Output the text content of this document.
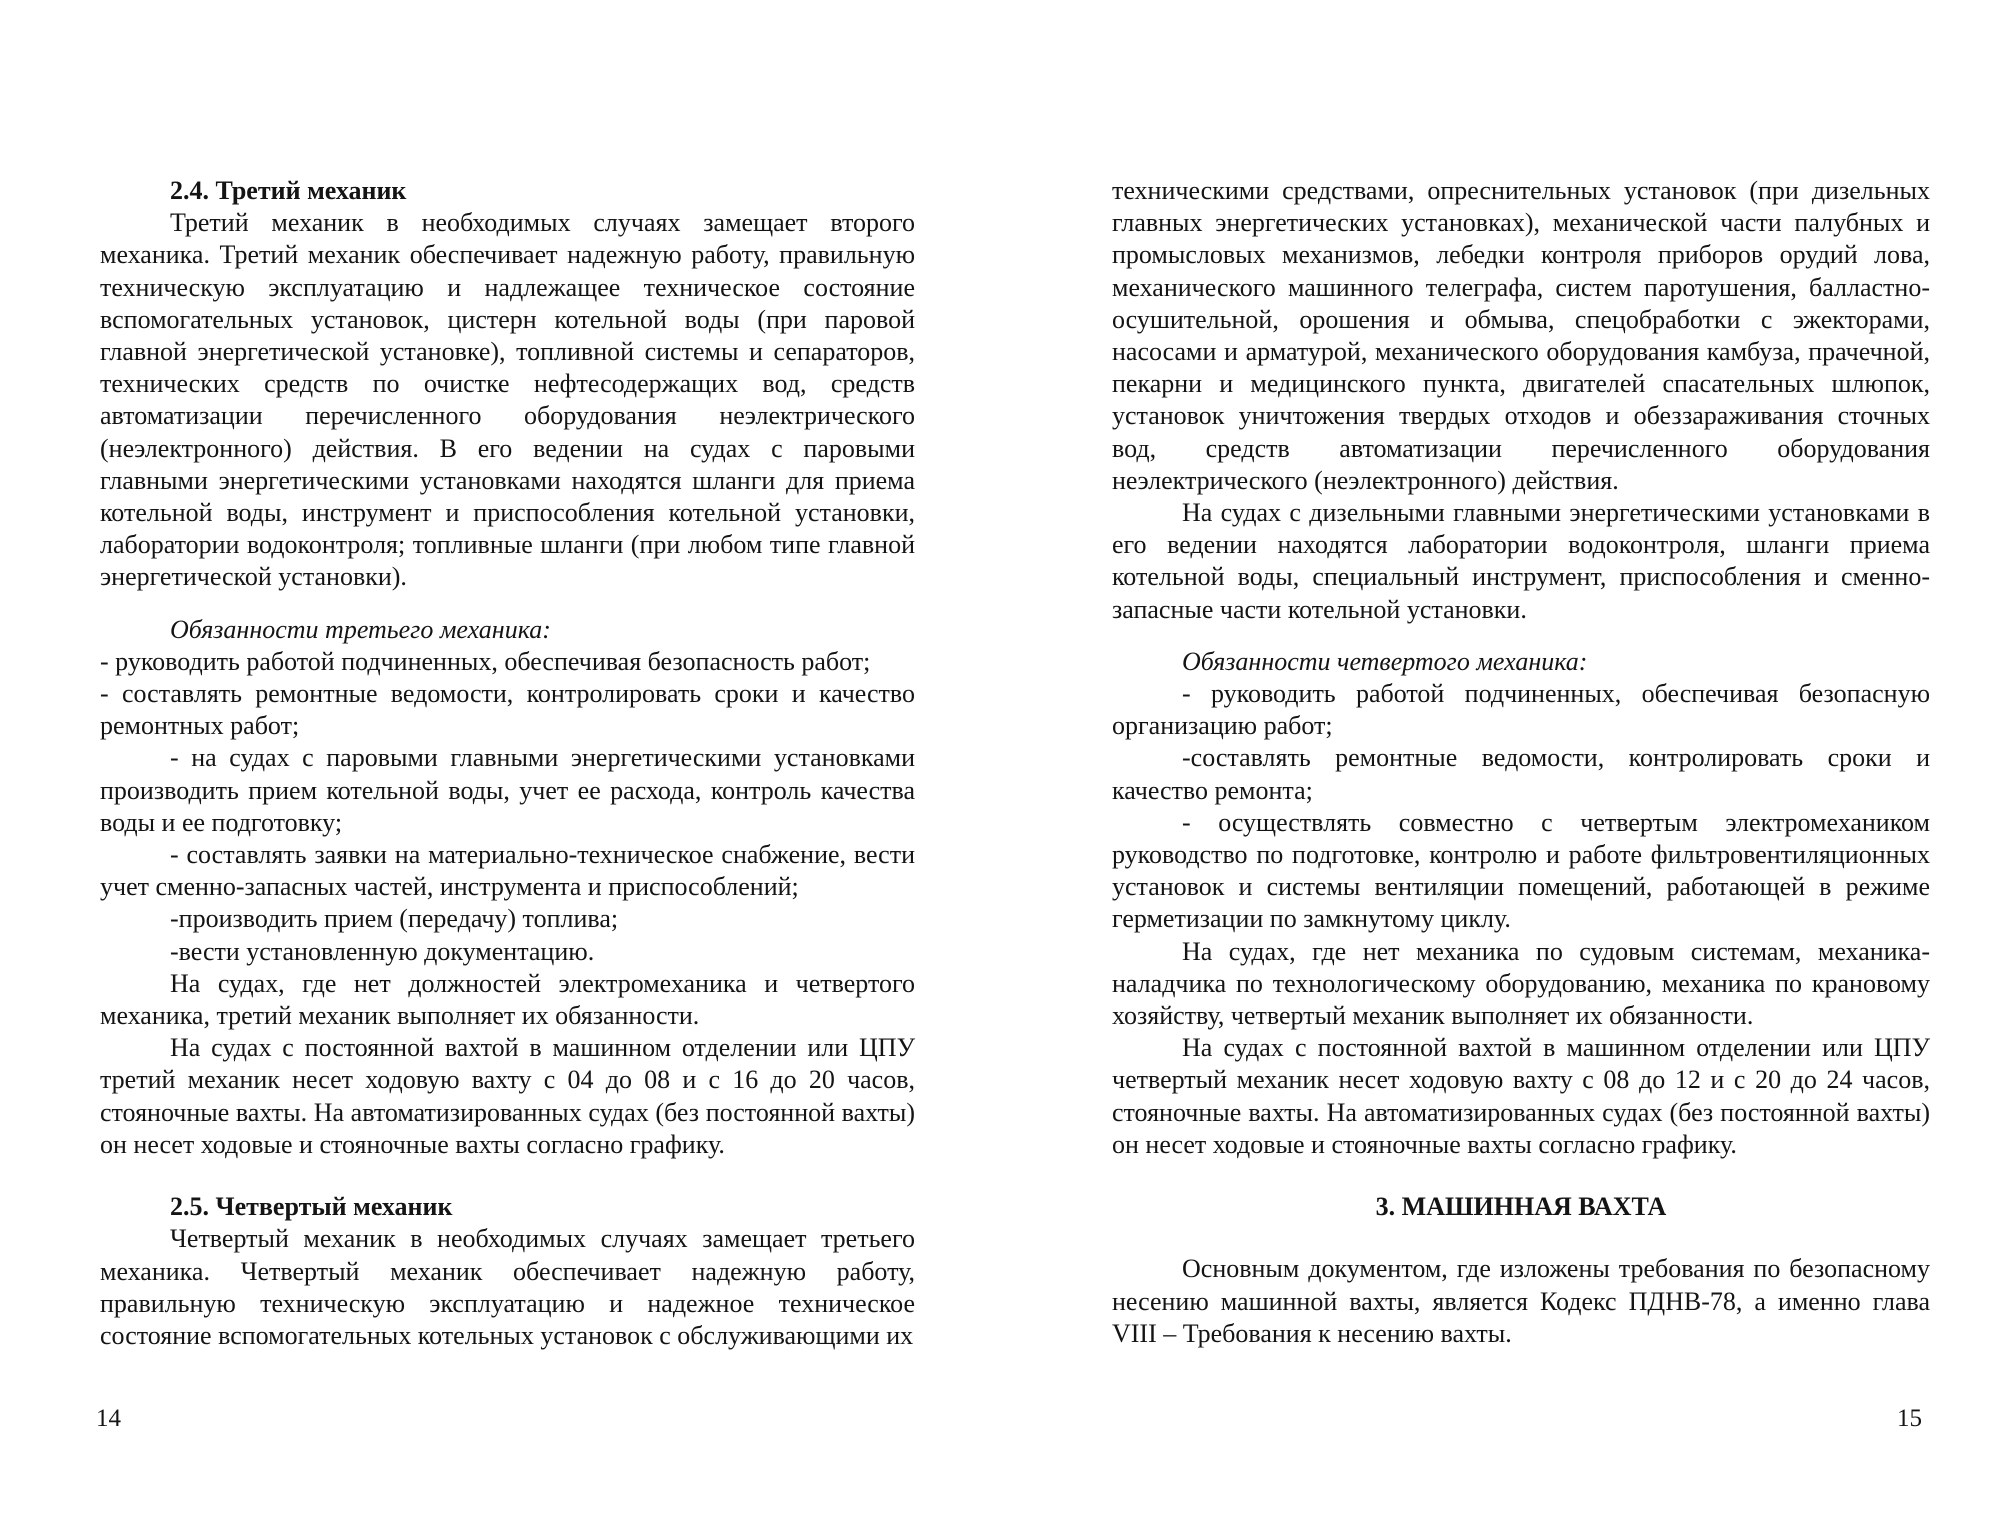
2.4. Третий механик

Третий механик в необходимых случаях замещает второго механика. Третий механик обеспечивает надежную работу, правильную техническую эксплуатацию и надлежащее техническое состояние вспомогательных установок, цистерн котельной воды (при паровой главной энергетической установке), топливной системы и сепараторов, технических средств по очистке нефтесодержащих вод, средств автоматизации перечисленного оборудования неэлектрического (неэлектронного) действия. В его ведении на судах с паровыми главными энергетическими установками находятся шланги для приема котельной воды, инструмент и приспособления котельной установки, лаборатории водоконтроля; топливные шланги (при любом типе главной энергетической установки).

Обязанности третьего механика:

- руководить работой подчиненных, обеспечивая безопасность работ;

- составлять ремонтные ведомости, контролировать сроки и качество ремонтных работ;

- на судах с паровыми главными энергетическими установками производить прием котельной воды, учет ее расхода, контроль качества воды и ее подготовку;

- составлять заявки на материально-техническое снабжение, вести учет сменно-запасных частей, инструмента и приспособлений;

-производить прием (передачу) топлива;

-вести установленную документацию.

На судах, где нет должностей электромеханика и четвертого механика, третий механик выполняет их обязанности.

На судах с постоянной вахтой в машинном отделении или ЦПУ третий механик несет ходовую вахту с 04 до 08 и с 16 до 20 часов, стояночные вахты. На автоматизированных судах (без постоянной вахты) он несет ходовые и стояночные вахты согласно графику.

2.5. Четвертый механик

Четвертый механик в необходимых случаях замещает третьего механика. Четвертый механик обеспечивает надежную работу, правильную техническую эксплуатацию и надежное техническое состояние вспомогательных котельных установок с обслуживающими их

14

техническими средствами, опреснительных установок (при дизельных главных энергетических установках), механической части палубных и промысловых механизмов, лебедки контроля приборов орудий лова, механического машинного телеграфа, систем паротушения, балластно-осушительной, орошения и обмыва, спецобработки с эжекторами, насосами и арматурой, механического оборудования камбуза, прачечной, пекарни и медицинского пункта, двигателей спасательных шлюпок, установок уничтожения твердых отходов и обеззараживания сточных вод, средств автоматизации перечисленного оборудования неэлектрического (неэлектронного) действия.

На судах с дизельными главными энергетическими установками в его ведении находятся лаборатории водоконтроля, шланги приема котельной воды, специальный инструмент, приспособления и сменно-запасные части котельной установки.

Обязанности четвертого механика:

- руководить работой подчиненных, обеспечивая безопасную организацию работ;

-составлять ремонтные ведомости, контролировать сроки и качество ремонта;

- осуществлять совместно с четвертым электромехаником руководство по подготовке, контролю и работе фильтровентиляционных установок и системы вентиляции помещений, работающей в режиме герметизации по замкнутому циклу.

На судах, где нет механика по судовым системам, механика-наладчика по технологическому оборудованию, механика по крановому хозяйству, четвертый механик выполняет их обязанности.

На судах с постоянной вахтой в машинном отделении или ЦПУ четвертый механик несет ходовую вахту с 08 до 12 и с 20 до 24 часов, стояночные вахты. На автоматизированных судах (без постоянной вахты) он несет ходовые и стояночные вахты согласно графику.

3. МАШИННАЯ ВАХТА

Основным документом, где изложены требования по безопасному несению машинной вахты, является Кодекс ПДНВ-78, а именно глава VIII – Требования к несению вахты.

15
